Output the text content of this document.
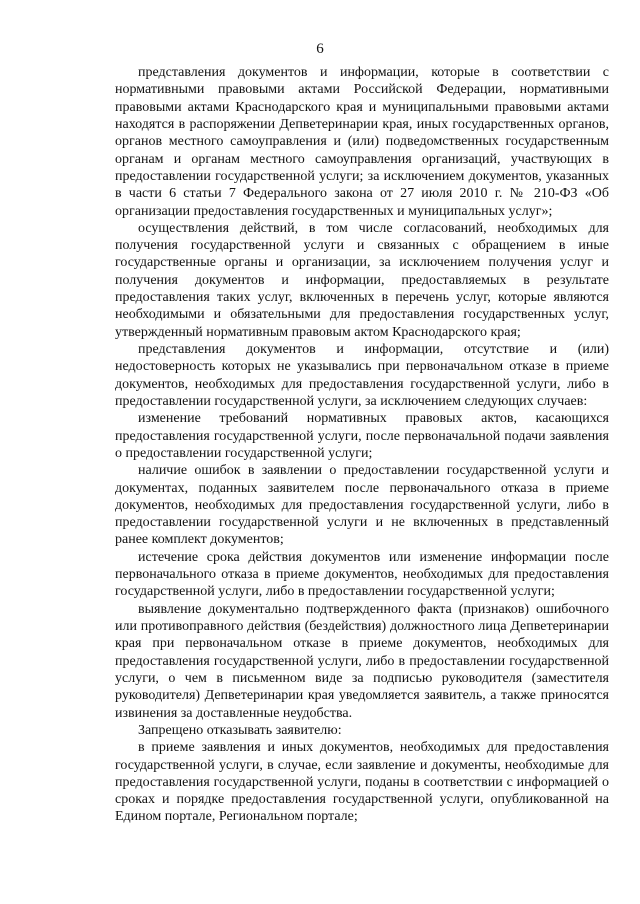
6

представления документов и информации, которые в соответствии с нормативными правовыми актами Российской Федерации, нормативными правовыми актами Краснодарского края и муниципальными правовыми актами находятся в распоряжении Депветеринарии края, иных государственных органов, органов местного самоуправления и (или) подведомственных государственным органам и органам местного самоуправления организаций, участвующих в предоставлении государственной услуги; за исключением документов, указанных в части 6 статьи 7 Федерального закона от 27 июля 2010 г. № 210-ФЗ «Об организации предоставления государственных и муниципальных услуг»;

осуществления действий, в том числе согласований, необходимых для получения государственной услуги и связанных с обращением в иные государственные органы и организации, за исключением получения услуг и получения документов и информации, предоставляемых в результате предоставления таких услуг, включенных в перечень услуг, которые являются необходимыми и обязательными для предоставления государственных услуг, утвержденный нормативным правовым актом Краснодарского края;

представления документов и информации, отсутствие и (или) недостоверность которых не указывались при первоначальном отказе в приеме документов, необходимых для предоставления государственной услуги, либо в предоставлении государственной услуги, за исключением следующих случаев:

изменение требований нормативных правовых актов, касающихся предоставления государственной услуги, после первоначальной подачи заявления о предоставлении государственной услуги;

наличие ошибок в заявлении о предоставлении государственной услуги и документах, поданных заявителем после первоначального отказа в приеме документов, необходимых для предоставления государственной услуги, либо в предоставлении государственной услуги и не включенных в представленный ранее комплект документов;

истечение срока действия документов или изменение информации после первоначального отказа в приеме документов, необходимых для предоставления государственной услуги, либо в предоставлении государственной услуги;

выявление документально подтвержденного факта (признаков) ошибочного или противоправного действия (бездействия) должностного лица Депветеринарии края при первоначальном отказе в приеме документов, необходимых для предоставления государственной услуги, либо в предоставлении государственной услуги, о чем в письменном виде за подписью руководителя (заместителя руководителя) Депветеринарии края уведомляется заявитель, а также приносятся извинения за доставленные неудобства.

Запрещено отказывать заявителю:

в приеме заявления и иных документов, необходимых для предоставления государственной услуги, в случае, если заявление и документы, необходимые для предоставления государственной услуги, поданы в соответствии с информацией о сроках и порядке предоставления государственной услуги, опубликованной на Едином портале, Региональном портале;
